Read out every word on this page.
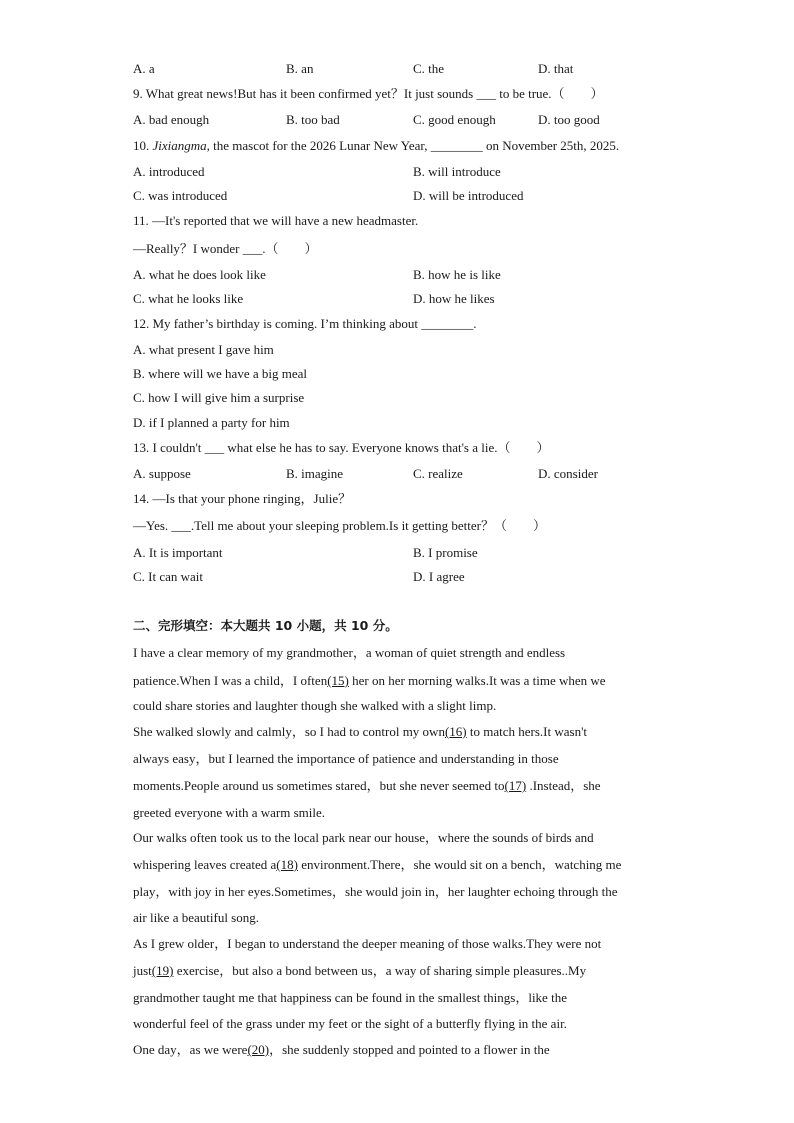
A. a	B. an	C. the	D. that
9. What great news!But has it been confirmed yet？It just sounds ___ to be true.（　　）
A. bad enough	B. too bad	C. good enough	D. too good
10. Jixiangma, the mascot for the 2026 Lunar New Year, ________ on November 25th, 2025.
A. introduced	B. will introduce
C. was introduced	D. will be introduced
11. —It's reported that we will have a new headmaster.
—Really？I wonder ___.（　　）
A. what he does look like	B. how he is like
C. what he looks like	D. how he likes
12. My father’s birthday is coming. I’m thinking about ________.
A. what present I gave him
B. where will we have a big meal
C. how I will give him a surprise
D. if I planned a party for him
13. I couldn't ___ what else he has to say. Everyone knows that's a lie.（　　）
A. suppose	B. imagine	C. realize	D. consider
14. —Is that your phone ringing，Julie？
—Yes. ___.Tell me about your sleeping problem.Is it getting better？（　　）
A. It is important	B. I promise
C. It can wait	D. I agree
二、完形填空：本大题共 10 小题，共 10 分。
I have a clear memory of my grandmother，a woman of quiet strength and endless
patience.When I was a child，I often(15) her on her morning walks.It was a time when we
could share stories and laughter though she walked with a slight limp.
She walked slowly and calmly，so I had to control my own(16) to match hers.It wasn't
always easy，but I learned the importance of patience and understanding in those
moments.People around us sometimes stared，but she never seemed to(17) .Instead，she
greeted everyone with a warm smile.
Our walks often took us to the local park near our house，where the sounds of birds and
whispering leaves created a(18) environment.There，she would sit on a bench，watching me
play，with joy in her eyes.Sometimes，she would join in，her laughter echoing through the
air like a beautiful song.
As I grew older，I began to understand the deeper meaning of those walks.They were not
just(19) exercise，but also a bond between us，a way of sharing simple pleasures..My
grandmother taught me that happiness can be found in the smallest things，like the
wonderful feel of the grass under my feet or the sight of a butterfly flying in the air.
One day，as we were(20)，she suddenly stopped and pointed to a flower in the
